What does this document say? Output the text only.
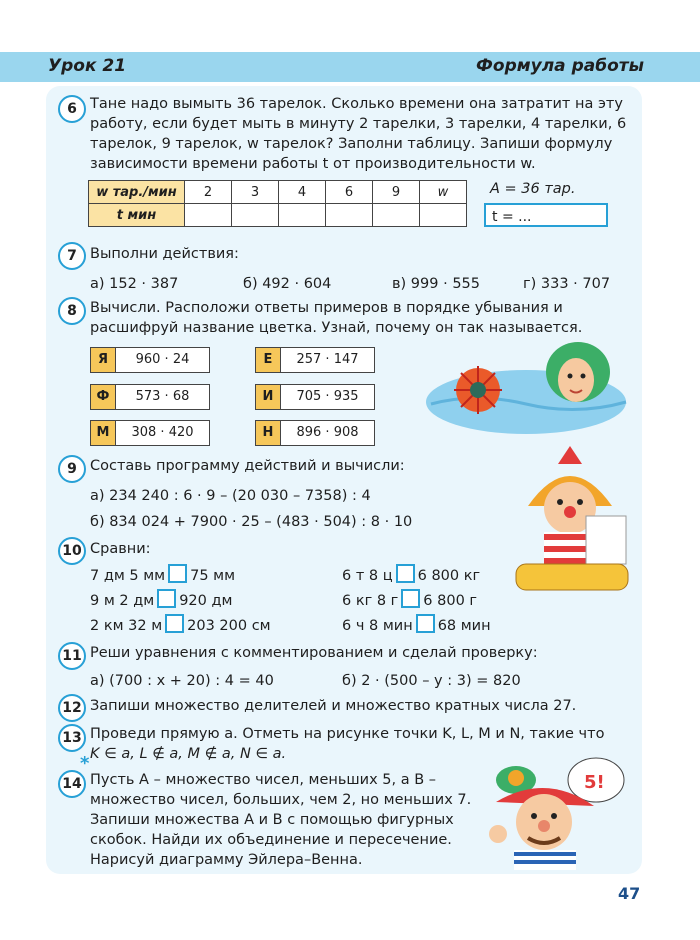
Урок 21	Формула работы
6 Тане надо вымыть 36 тарелок. Сколько времени она затратит на эту работу, если будет мыть в минуту 2 тарелки, 3 тарелки, 4 тарелки, 6 тарелок, 9 тарелок, w тарелок? Заполни таблицу. Запиши формулу зависимости времени работы t от производительности w.
w тар./мин	2	3	4	6	9	w
t мин						
A = 36 тар.
t = ...
7 Выполни действия:
а) 152 · 387	б) 492 · 604	в) 999 · 555	г) 333 · 707
8 Вычисли. Расположи ответы примеров в порядке убывания и расшифруй название цветка. Узнай, почему он так называется.
Я	960 · 24	Е	257 · 147
Ф	573 · 68	И	705 · 935
М	308 · 420	Н	896 · 908
9 Составь программу действий и вычисли:
а) 234 240 : 6 · 9 – (20 030 – 7358) : 4
б) 834 024 + 7900 · 25 – (483 · 504) : 8 · 10
10 Сравни:
7 дм 5 мм 75 мм
9 м 2 дм 920 дм
2 км 32 м 203 200 см
6 т 8 ц 6 800 кг
6 кг 8 г 6 800 г
6 ч 8 мин 68 мин
11 Реши уравнения с комментированием и сделай проверку:
а) (700 : x + 20) : 4 = 40	б) 2 · (500 – y : 3) = 820
12 Запиши множество делителей и множество кратных числа 27.
13 Проведи прямую a. Отметь на рисунке точки K, L, M и N, такие что
K ∈ a, L ∉ a, M ∉ a, N ∈ a.
14
*
Пусть A – множество чисел, меньших 5, а B –
множество чисел, больших, чем 2, но меньших 7.
Запиши множества A и B с помощью фигурных
скобок. Найди их объединение и пересечение.
Нарисуй диаграмму Эйлера–Венна.
5!
47
